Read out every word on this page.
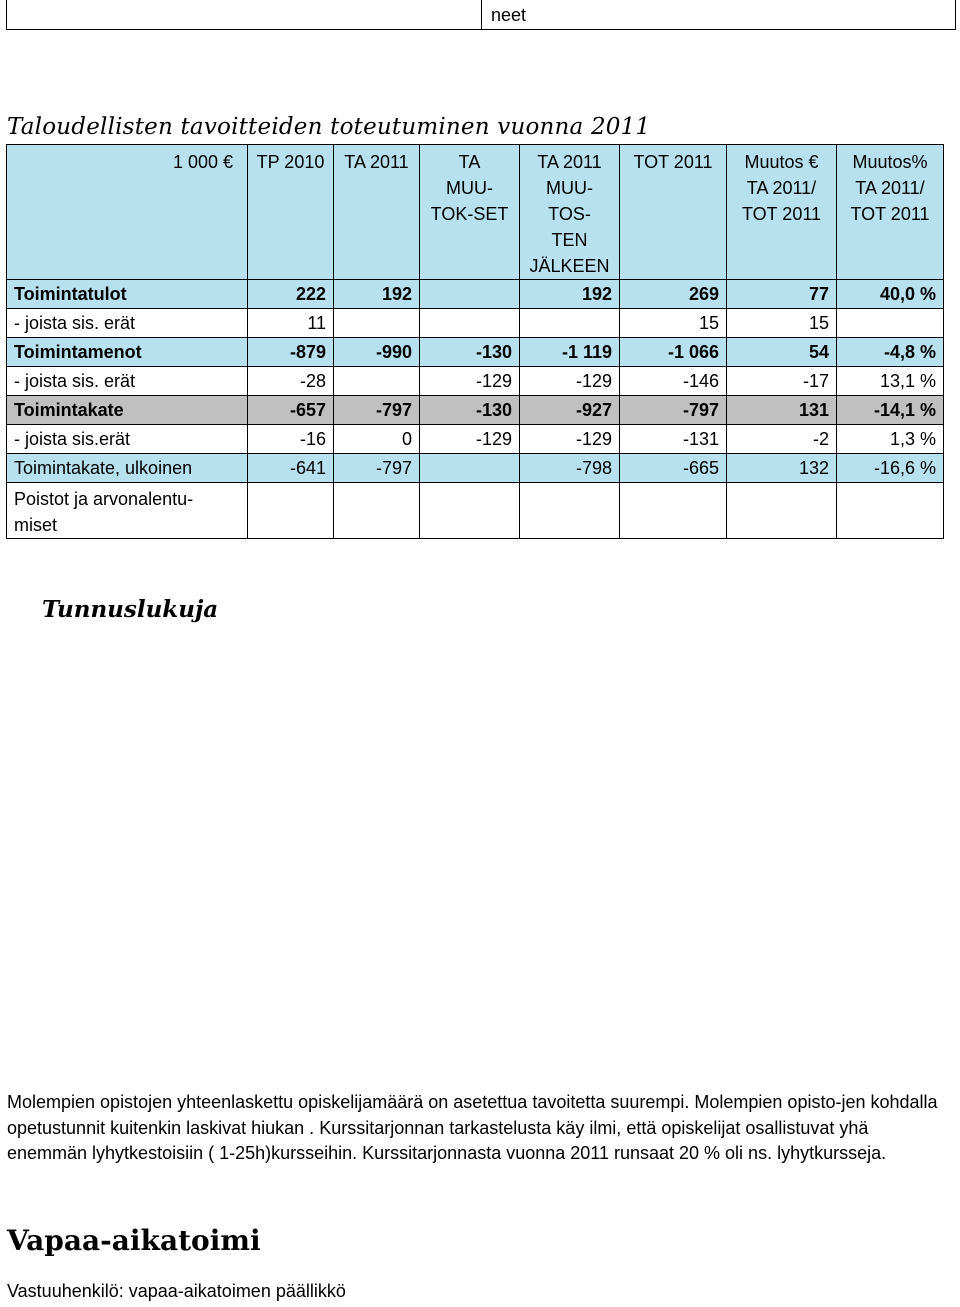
neet
Taloudellisten tavoitteiden toteutuminen vuonna 2011
1 000 €	TP 2010	TA 2011	TA
MUU-
TOK-SET	TA 2011
MUU-
TOS-
TEN
JÄLKEEN	TOT 2011	Muutos €
TA 2011/
TOT 2011	Muutos%
TA 2011/
TOT 2011
Toimintatulot	222	192		192	269	77	40,0 %
- joista sis. erät	11				15	15	
Toimintamenot	-879	-990	-130	-1 119	-1 066	54	-4,8 %
- joista sis. erät	-28		-129	-129	-146	-17	13,1 %
Toimintakate	-657	-797	-130	-927	-797	131	-14,1 %
- joista sis.erät	-16	0	-129	-129	-131	-2	1,3 %
Toimintakate, ulkoinen	-641	-797		-798	-665	132	-16,6 %
Poistot ja arvonalentu-
miset							
Tunnuslukuja

Molempien opistojen yhteenlaskettu opiskelijamäärä on asetettua tavoitetta suurempi. Molempien opisto-jen kohdalla opetustunnit kuitenkin laskivat hiukan . Kurssitarjonnan tarkastelusta käy ilmi, että opiskelijat osallistuvat yhä enemmän lyhytkestoisiin ( 1-25h)kursseihin. Kurssitarjonnasta vuonna 2011 runsaat 20 % oli ns. lyhytkursseja.

Vapaa-aikatoimi

Vastuuhenkilö: vapaa-aikatoimen päällikkö
